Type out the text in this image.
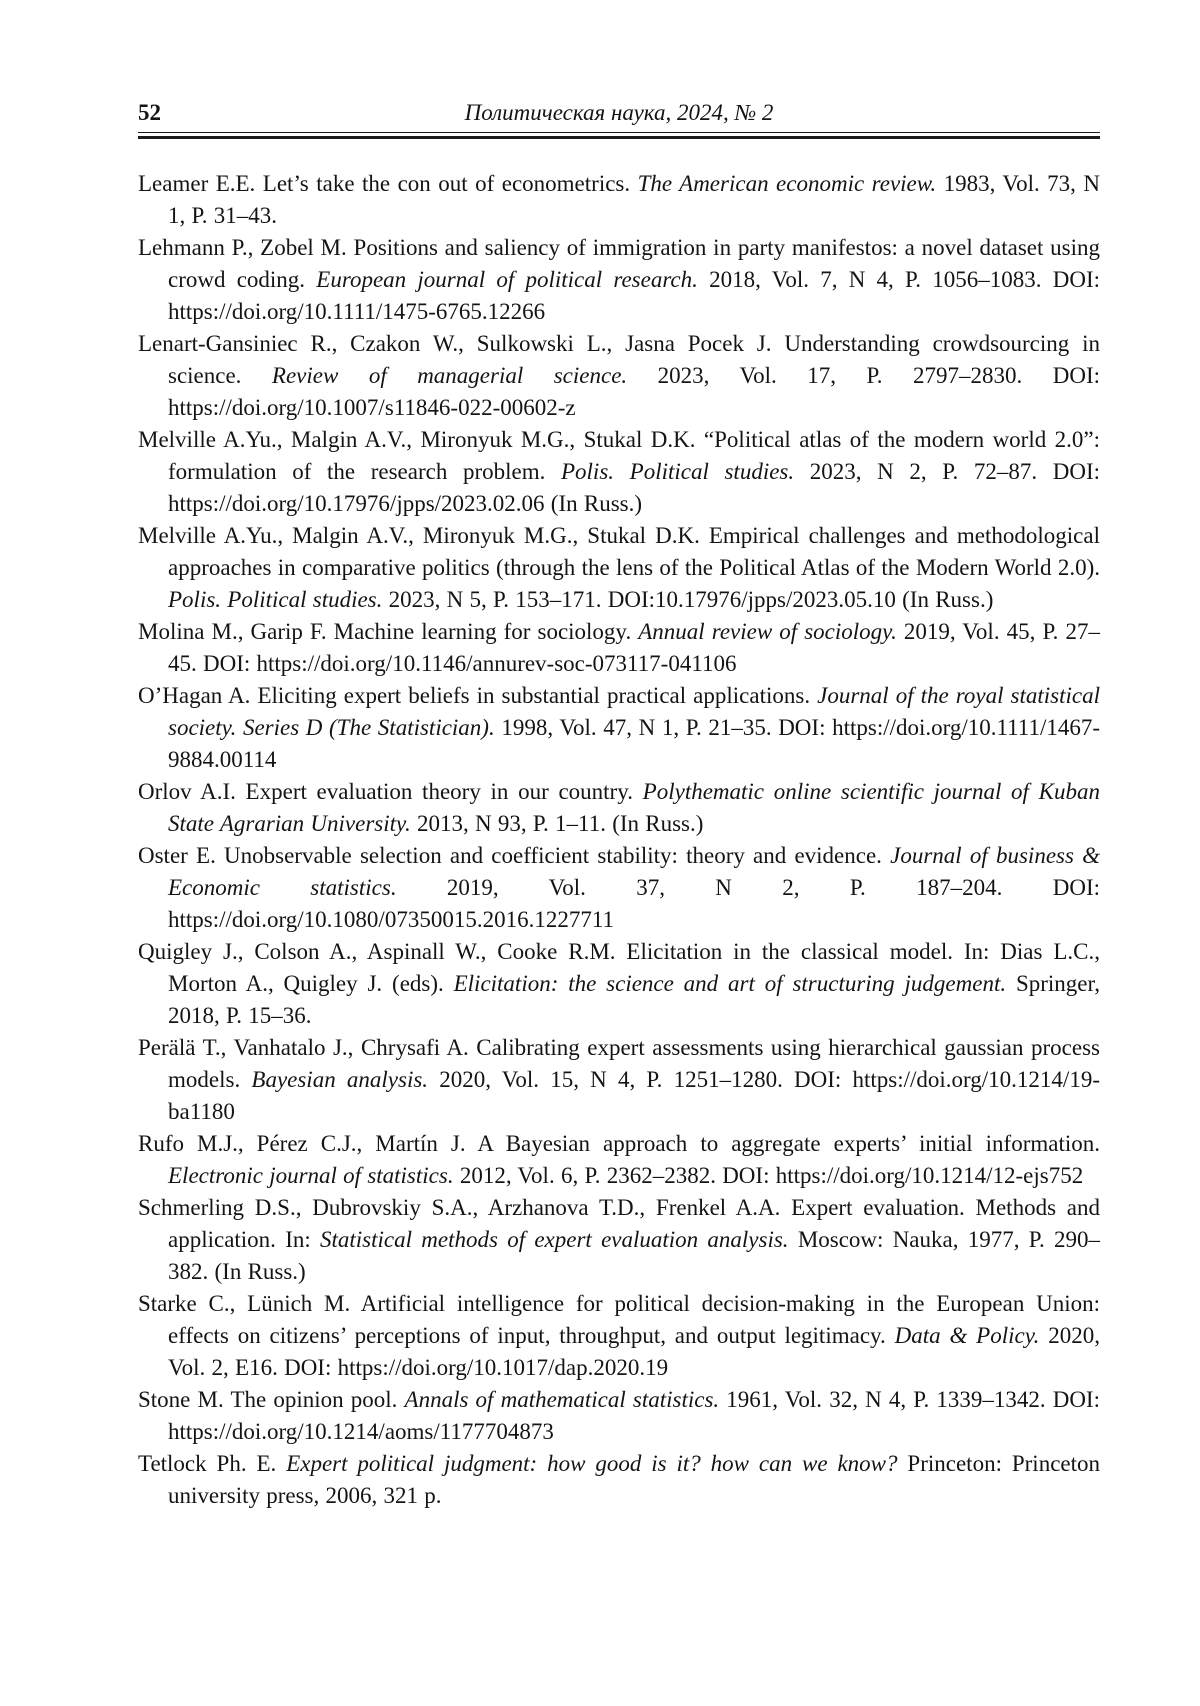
52	Политическая наука, 2024, № 2

Leamer E.E. Let’s take the con out of econometrics. The American economic review. 1983, Vol. 73, N 1, P. 31–43.

Lehmann P., Zobel M. Positions and saliency of immigration in party manifestos: a novel dataset using crowd coding. European journal of political research. 2018, Vol. 7, N 4, P. 1056–1083. DOI: https://doi.org/10.1111/1475-6765.12266

Lenart-Gansiniec R., Czakon W., Sulkowski L., Jasna Pocek J. Understanding crowdsourcing in science. Review of managerial science. 2023, Vol. 17, P. 2797–2830. DOI: https://doi.org/10.1007/s11846-022-00602-z

Melville A.Yu., Malgin A.V., Mironyuk M.G., Stukal D.K. “Political atlas of the modern world 2.0”: formulation of the research problem. Polis. Political studies. 2023, N 2, P. 72–87. DOI: https://doi.org/10.17976/jpps/2023.02.06 (In Russ.)

Melville A.Yu., Malgin A.V., Mironyuk M.G., Stukal D.K. Empirical challenges and methodological approaches in comparative politics (through the lens of the Political Atlas of the Modern World 2.0). Polis. Political studies. 2023, N 5, P. 153–171. DOI:10.17976/jpps/2023.05.10 (In Russ.)

Molina M., Garip F. Machine learning for sociology. Annual review of sociology. 2019, Vol. 45, P. 27–45. DOI: https://doi.org/10.1146/annurev-soc-073117-041106

O’Hagan A. Eliciting expert beliefs in substantial practical applications. Journal of the royal statistical society. Series D (The Statistician). 1998, Vol. 47, N 1, P. 21–35. DOI: https://doi.org/10.1111/1467-9884.00114

Orlov A.I. Expert evaluation theory in our country. Polythematic online scientific journal of Kuban State Agrarian University. 2013, N 93, P. 1–11. (In Russ.)

Oster E. Unobservable selection and coefficient stability: theory and evidence. Journal of business & Economic statistics. 2019, Vol. 37, N 2, P. 187–204. DOI: https://doi.org/10.1080/07350015.2016.1227711

Quigley J., Colson A., Aspinall W., Cooke R.M. Elicitation in the classical model. In: Dias L.C., Morton A., Quigley J. (eds). Elicitation: the science and art of structuring judgement. Springer, 2018, P. 15–36.

Perälä T., Vanhatalo J., Chrysafi A. Calibrating expert assessments using hierarchical gaussian process models. Bayesian analysis. 2020, Vol. 15, N 4, P. 1251–1280. DOI: https://doi.org/10.1214/19-ba1180

Rufo M.J., Pérez C.J., Martín J. A Bayesian approach to aggregate experts’ initial information. Electronic journal of statistics. 2012, Vol. 6, P. 2362–2382. DOI: https://doi.org/10.1214/12-ejs752

Schmerling D.S., Dubrovskiy S.A., Arzhanova T.D., Frenkel A.A. Expert evaluation. Methods and application. In: Statistical methods of expert evaluation analysis. Moscow: Nauka, 1977, P. 290–382. (In Russ.)

Starke C., Lünich M. Artificial intelligence for political decision-making in the European Union: effects on citizens’ perceptions of input, throughput, and output legitimacy. Data & Policy. 2020, Vol. 2, E16. DOI: https://doi.org/10.1017/dap.2020.19

Stone M. The opinion pool. Annals of mathematical statistics. 1961, Vol. 32, N 4, P. 1339–1342. DOI: https://doi.org/10.1214/aoms/1177704873

Tetlock Ph. E. Expert political judgment: how good is it? how can we know? Princeton: Princeton university press, 2006, 321 p.
